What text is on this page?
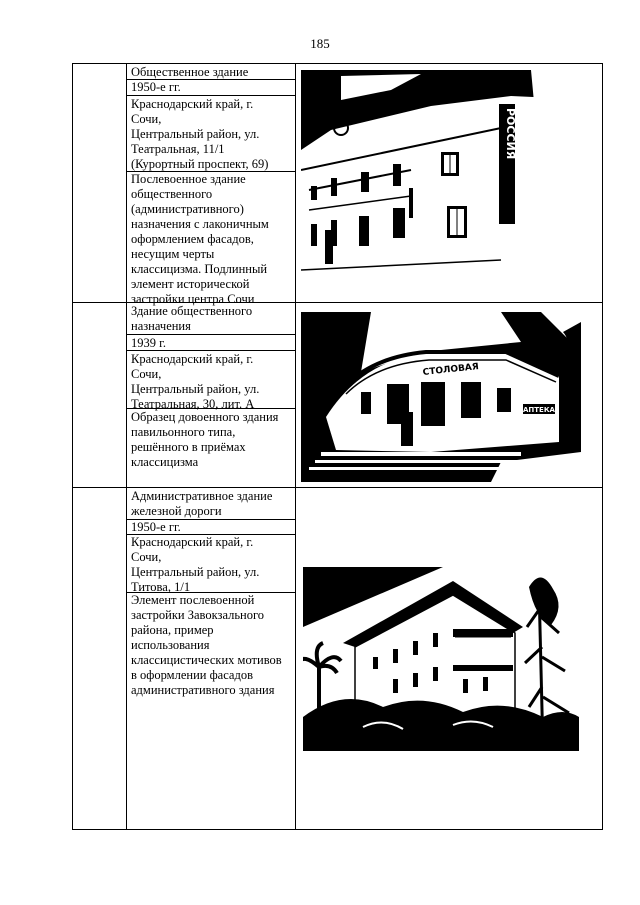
185
Общественное здание
1950-е гг.
Краснодарский край, г.
Сочи,
Центральный район, ул.
Театральная, 11/1
(Курортный проспект, 69)
Послевоенное здание
общественного
(административного)
назначения с лаконичным
оформлением фасадов,
несущим черты
классицизма. Подлинный
элемент исторической
застройки центра Сочи
РОССИЯ
Здание общественного
назначения
1939 г.
Краснодарский край, г.
Сочи,
Центральный район, ул.
Театральная, 30, лит. А
Образец довоенного здания
павильонного типа,
решённого в приёмах
классицизма
СТОЛОВАЯ
АПТЕКА
Административное здание
железной дороги
1950-е гг.
Краснодарский край, г.
Сочи,
Центральный район, ул.
Титова, 1/1
Элемент послевоенной
застройки Завокзального
района, пример
использования
классицистических мотивов
в оформлении фасадов
административного здания
